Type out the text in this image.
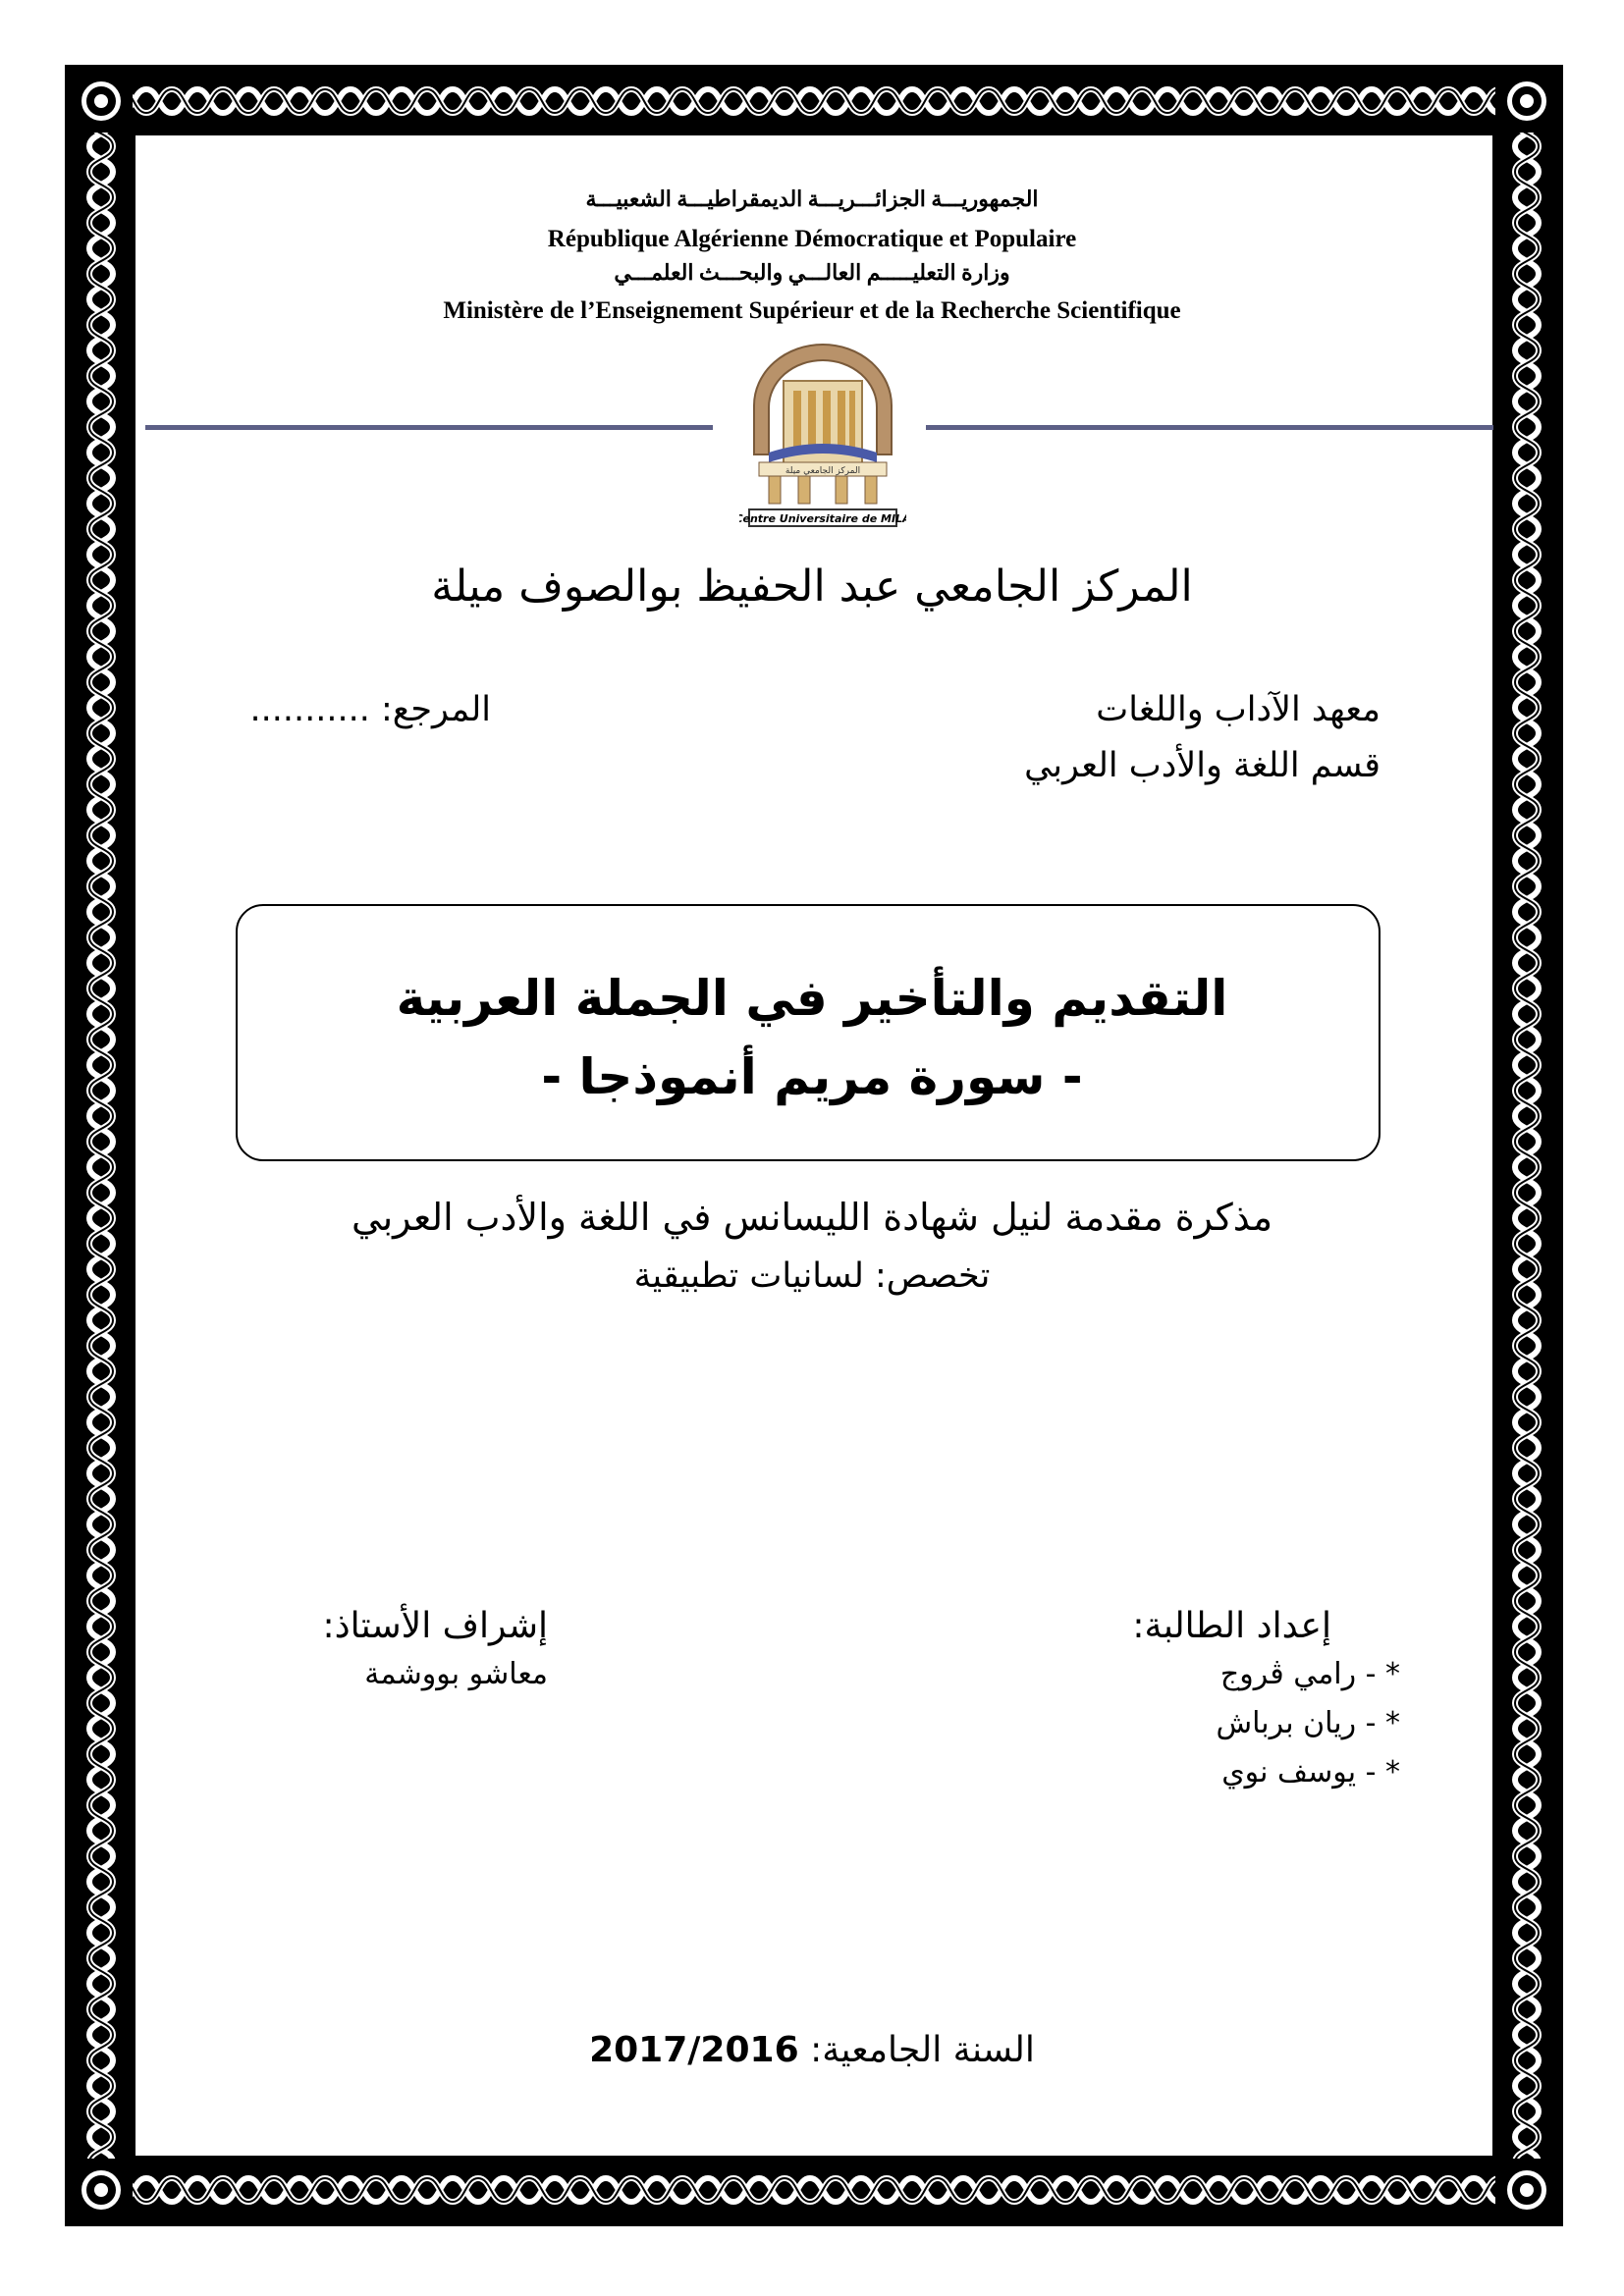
الجمهوريـــة الجزائـــريـــة الديمقراطيـــة الشعبيـــة
République Algérienne Démocratique et Populaire
وزارة التعليـــــم العالـــي والبحـــث العلمـــي
Ministère de l’Enseignement Supérieur et de la Recherche Scientifique
المركز الجامعي ميلة
Centre Universitaire de MILA
المركز الجامعي عبد الحفيظ بوالصوف ميلة
معهد الآداب واللغات
المرجع: ...........
قسم اللغة والأدب العربي
التقديم والتأخير في الجملة العربية
- سورة مريم أنموذجا -
مذكرة مقدمة لنيل شهادة الليسانس في اللغة والأدب العربي
تخصص: لسانيات تطبيقية
إعداد الطالبة:
* - رامي ڤروج
* - ريان برباش
* - يوسف نوي
إشراف الأستاذ:
معاشو بووشمة
السنة الجامعية: 2017/2016
